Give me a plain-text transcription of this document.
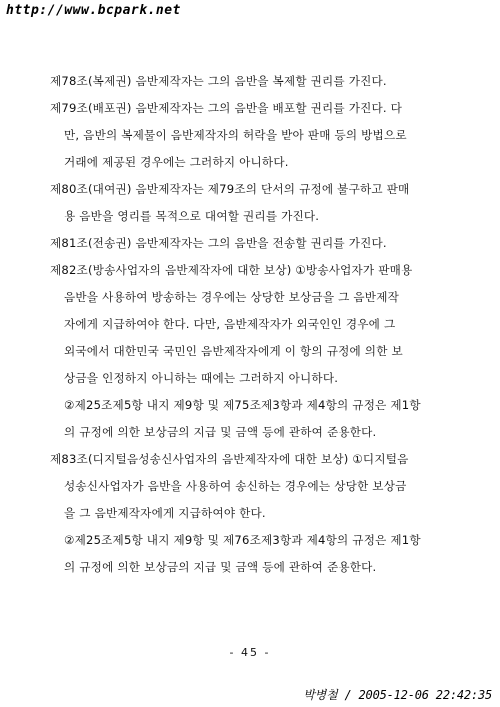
http://www.bcpark.net

제78조(복제권) 음반제작자는 그의 음반을 복제할 권리를 가진다.

제79조(배포권) 음반제작자는 그의 음반을 배포할 권리를 가진다. 다

만, 음반의 복제물이 음반제작자의 허락을 받아 판매 등의 방법으로

거래에 제공된 경우에는 그러하지 아니하다.

제80조(대여권) 음반제작자는 제79조의 단서의 규정에 불구하고 판매

용 음반을 영리를 목적으로 대여할 권리를 가진다.

제81조(전송권) 음반제작자는 그의 음반을 전송할 권리를 가진다.

제82조(방송사업자의 음반제작자에 대한 보상) ①방송사업자가 판매용

음반을 사용하여 방송하는 경우에는 상당한 보상금을 그 음반제작

자에게 지급하여야 한다. 다만, 음반제작자가 외국인인 경우에 그

외국에서 대한민국 국민인 음반제작자에게 이 항의 규정에 의한 보

상금을 인정하지 아니하는 때에는 그러하지 아니하다.

②제25조제5항 내지 제9항 및 제75조제3항과 제4항의 규정은 제1항

의 규정에 의한 보상금의 지급 및 금액 등에 관하여 준용한다.

제83조(디지털음성송신사업자의 음반제작자에 대한 보상) ①디지털음

성송신사업자가 음반을 사용하여 송신하는 경우에는 상당한 보상금

을 그 음반제작자에게 지급하여야 한다.

②제25조제5항 내지 제9항 및 제76조제3항과 제4항의 규정은 제1항

의 규정에 의한 보상금의 지급 및 금액 등에 관하여 준용한다.

- 45 -
박병철 / 2005-12-06 22:42:35
